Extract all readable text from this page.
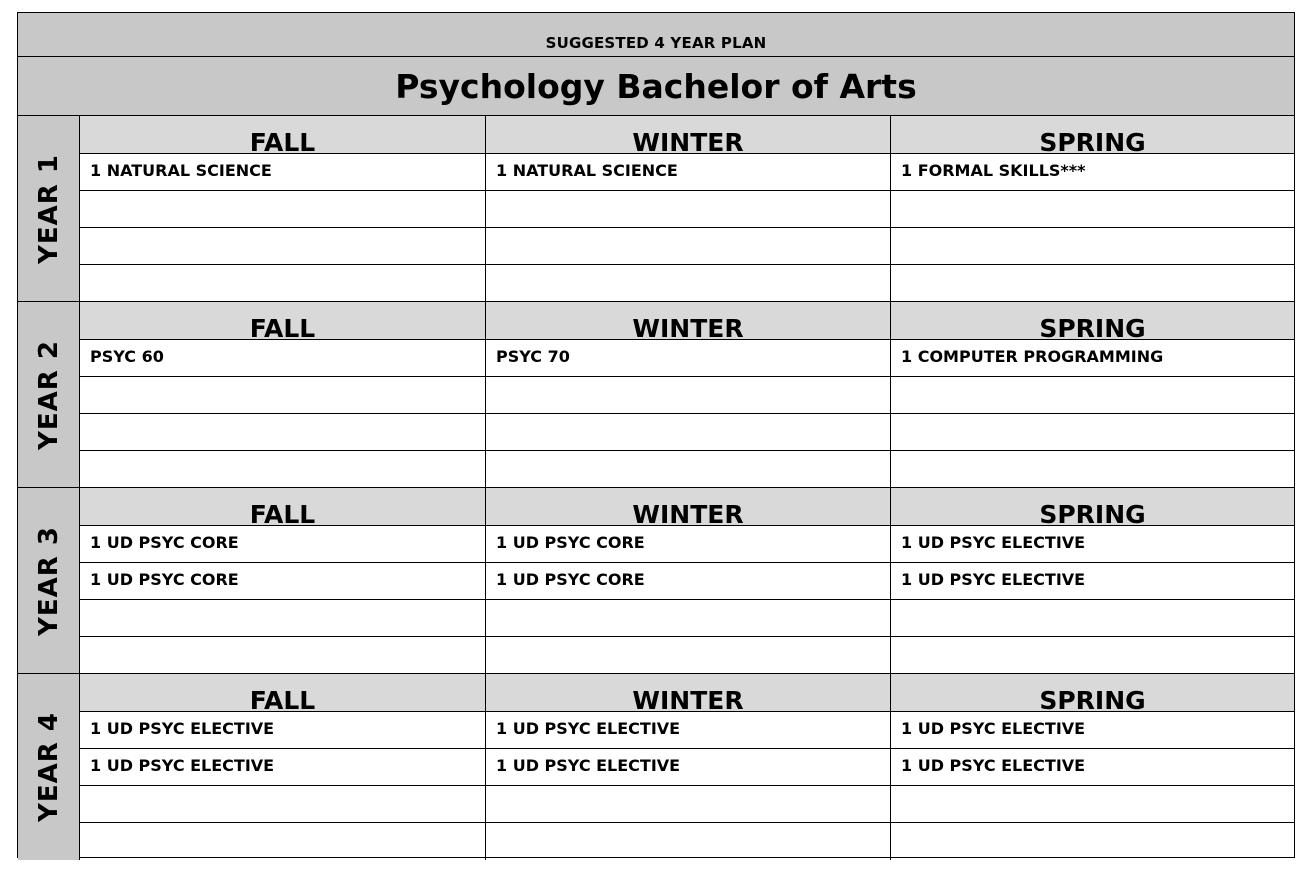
SUGGESTED 4 YEAR PLAN
Psychology Bachelor of Arts
YEAR 1
FALL
1 NATURAL SCIENCE
WINTER
1 NATURAL SCIENCE
SPRING
1 FORMAL SKILLS***
YEAR 2
FALL
PSYC 60
WINTER
PSYC 70
SPRING
1 COMPUTER PROGRAMMING
YEAR 3
FALL
1 UD PSYC CORE
1 UD PSYC CORE
WINTER
1 UD PSYC CORE
1 UD PSYC CORE
SPRING
1 UD PSYC ELECTIVE
1 UD PSYC ELECTIVE
YEAR 4
FALL
1 UD PSYC ELECTIVE
1 UD PSYC ELECTIVE
WINTER
1 UD PSYC ELECTIVE
1 UD PSYC ELECTIVE
SPRING
1 UD PSYC ELECTIVE
1 UD PSYC ELECTIVE
